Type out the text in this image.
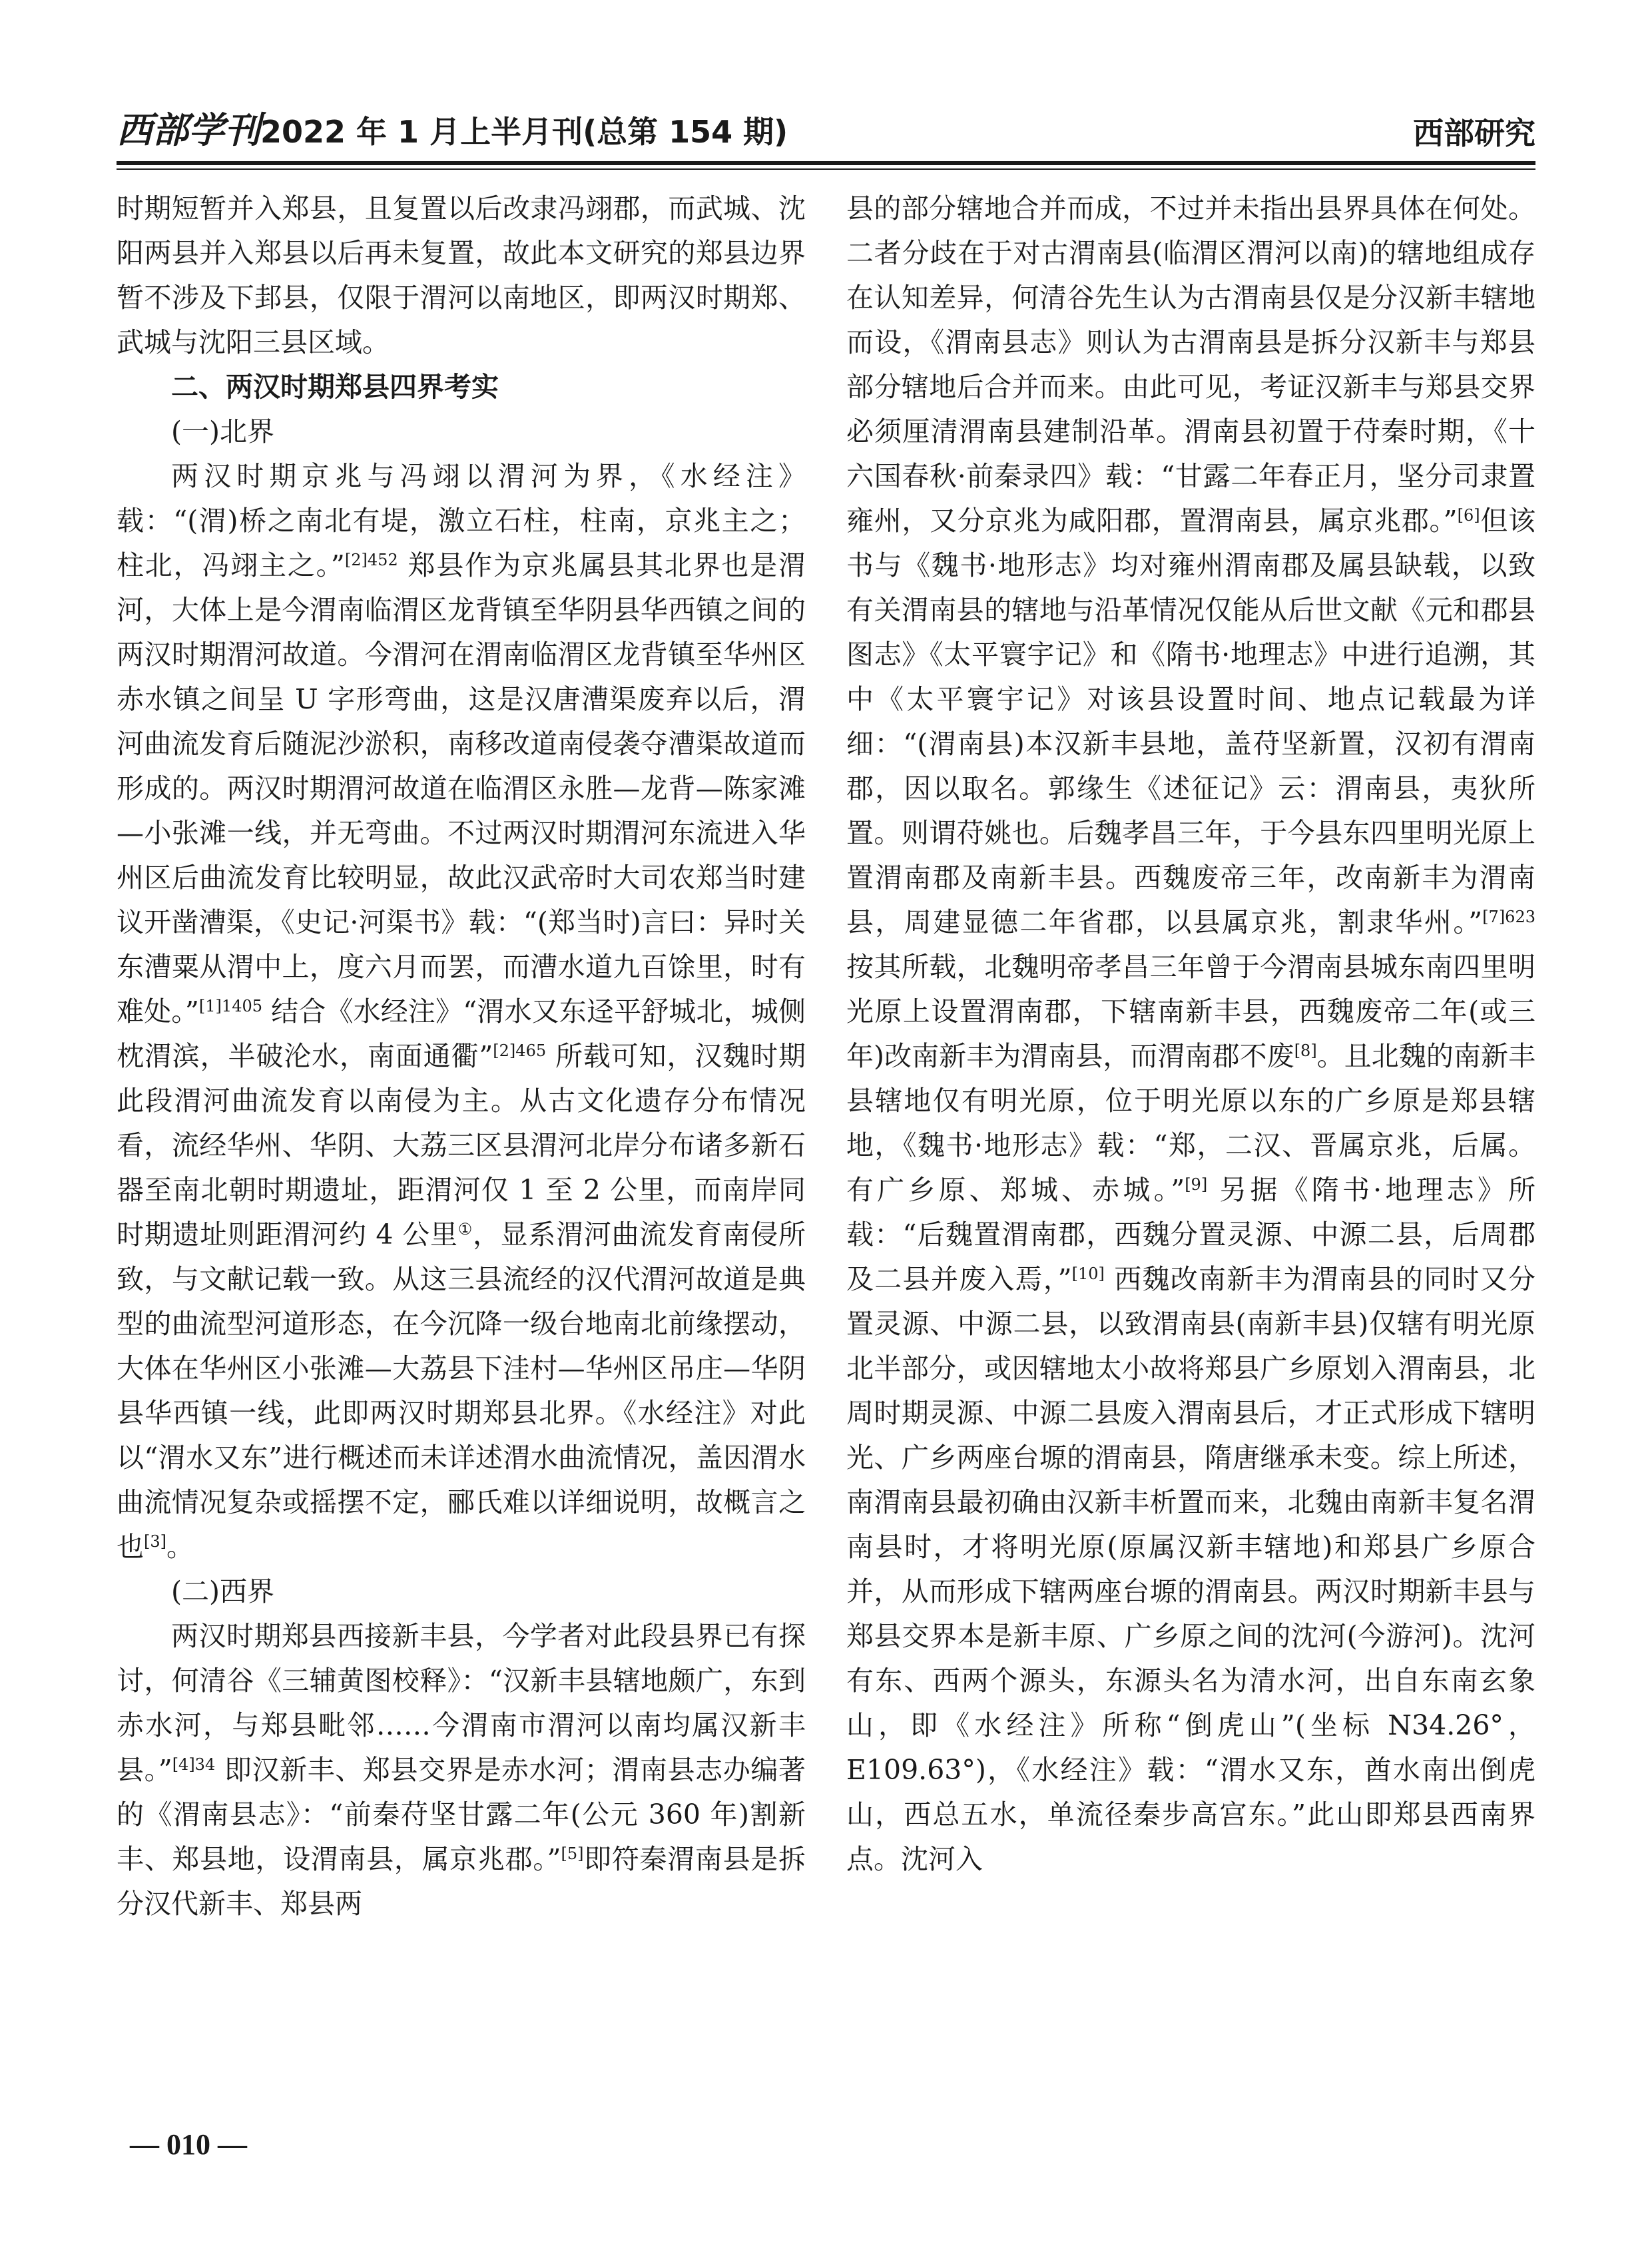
西部学刊2022 年 1 月上半月刊(总第 154 期)	西部研究

时期短暂并入郑县，且复置以后改隶冯翊郡，而武城、沈阳两县并入郑县以后再未复置，故此本文研究的郑县边界暂不涉及下邽县，仅限于渭河以南地区，即两汉时期郑、武城与沈阳三县区域。

二、两汉时期郑县四界考实
(一)北界

两汉时期京兆与冯翊以渭河为界，《水经注》载：“(渭)桥之南北有堤，激立石柱，柱南，京兆主之；柱北，冯翊主之。”$^{[2]452}$ 郑县作为京兆属县其北界也是渭河，大体上是今渭南临渭区龙背镇至华阴县华西镇之间的两汉时期渭河故道。今渭河在渭南临渭区龙背镇至华州区赤水镇之间呈 U 字形弯曲，这是汉唐漕渠废弃以后，渭河曲流发育后随泥沙淤积，南移改道南侵袭夺漕渠故道而形成的。两汉时期渭河故道在临渭区永胜—龙背—陈家滩—小张滩一线，并无弯曲。不过两汉时期渭河东流进入华州区后曲流发育比较明显，故此汉武帝时大司农郑当时建议开凿漕渠，《史记·河渠书》载：“(郑当时)言曰：异时关东漕粟从渭中上，度六月而罢，而漕水道九百馀里，时有难处。”$^{[1]1405}$ 结合《水经注》“渭水又东迳平舒城北，城侧枕渭滨，半破沦水，南面通衢”$^{[2]465}$ 所载可知，汉魏时期此段渭河曲流发育以南侵为主。从古文化遗存分布情况看，流经华州、华阴、大荔三区县渭河北岸分布诸多新石器至南北朝时期遗址，距渭河仅 1 至 2 公里，而南岸同时期遗址则距渭河约 4 公里①，显系渭河曲流发育南侵所致，与文献记载一致。从这三县流经的汉代渭河故道是典型的曲流型河道形态，在今沉降一级台地南北前缘摆动，大体在华州区小张滩—大荔县下洼村—华州区吊庄—华阴县华西镇一线，此即两汉时期郑县北界。《水经注》对此以“渭水又东”进行概述而未详述渭水曲流情况，盖因渭水曲流情况复杂或摇摆不定，郦氏难以详细说明，故概言之也[3]。

(二)西界

两汉时期郑县西接新丰县，今学者对此段县界已有探讨，何清谷《三辅黄图校释》：“汉新丰县辖地颇广，东到赤水河，与郑县毗邻……今渭南市渭河以南均属汉新丰县。”$^{[4]34}$ 即汉新丰、郑县交界是赤水河；渭南县志办编著的《渭南县志》：“前秦苻坚甘露二年(公元 360 年)割新丰、郑县地，设渭南县，属京兆郡。”[5]即符秦渭南县是拆分汉代新丰、郑县两

县的部分辖地合并而成，不过并未指出县界具体在何处。二者分歧在于对古渭南县(临渭区渭河以南)的辖地组成存在认知差异，何清谷先生认为古渭南县仅是分汉新丰辖地而设，《渭南县志》则认为古渭南县是拆分汉新丰与郑县部分辖地后合并而来。由此可见，考证汉新丰与郑县交界必须厘清渭南县建制沿革。渭南县初置于苻秦时期，《十六国春秋·前秦录四》载：“甘露二年春正月，坚分司隶置雍州，又分京兆为咸阳郡，置渭南县，属京兆郡。”[6]但该书与《魏书·地形志》均对雍州渭南郡及属县缺载，以致有关渭南县的辖地与沿革情况仅能从后世文献《元和郡县图志》《太平寰宇记》和《隋书·地理志》中进行追溯，其中《太平寰宇记》对该县设置时间、地点记载最为详细：“(渭南县)本汉新丰县地，盖苻坚新置，汉初有渭南郡，因以取名。郭缘生《述征记》云：渭南县，夷狄所置。则谓苻姚也。后魏孝昌三年，于今县东四里明光原上置渭南郡及南新丰县。西魏废帝三年，改南新丰为渭南县，周建显德二年省郡，以县属京兆，割隶华州。”$^{[7]623}$ 按其所载，北魏明帝孝昌三年曾于今渭南县城东南四里明光原上设置渭南郡，下辖南新丰县，西魏废帝二年(或三年)改南新丰为渭南县，而渭南郡不废[8]。且北魏的南新丰县辖地仅有明光原，位于明光原以东的广乡原是郑县辖地，《魏书·地形志》载：“郑，二汉、晋属京兆，后属。有广乡原、郑城、赤城。”[9] 另据《隋书·地理志》所载：“后魏置渭南郡，西魏分置灵源、中源二县，后周郡及二县并废入焉，”[10] 西魏改南新丰为渭南县的同时又分置灵源、中源二县，以致渭南县(南新丰县)仅辖有明光原北半部分，或因辖地太小故将郑县广乡原划入渭南县，北周时期灵源、中源二县废入渭南县后，才正式形成下辖明光、广乡两座台塬的渭南县，隋唐继承未变。综上所述，南渭南县最初确由汉新丰析置而来，北魏由南新丰复名渭南县时，才将明光原(原属汉新丰辖地)和郑县广乡原合并，从而形成下辖两座台塬的渭南县。两汉时期新丰县与郑县交界本是新丰原、广乡原之间的沈河(今游河)。沈河有东、西两个源头，东源头名为清水河，出自东南玄象山，即《水经注》所称“倒虎山”(坐标 N34.26°，E109.63°)，《水经注》载：“渭水又东，酋水南出倒虎山，西总五水，单流径秦步高宫东。”此山即郑县西南界点。沈河入

— 010 —
